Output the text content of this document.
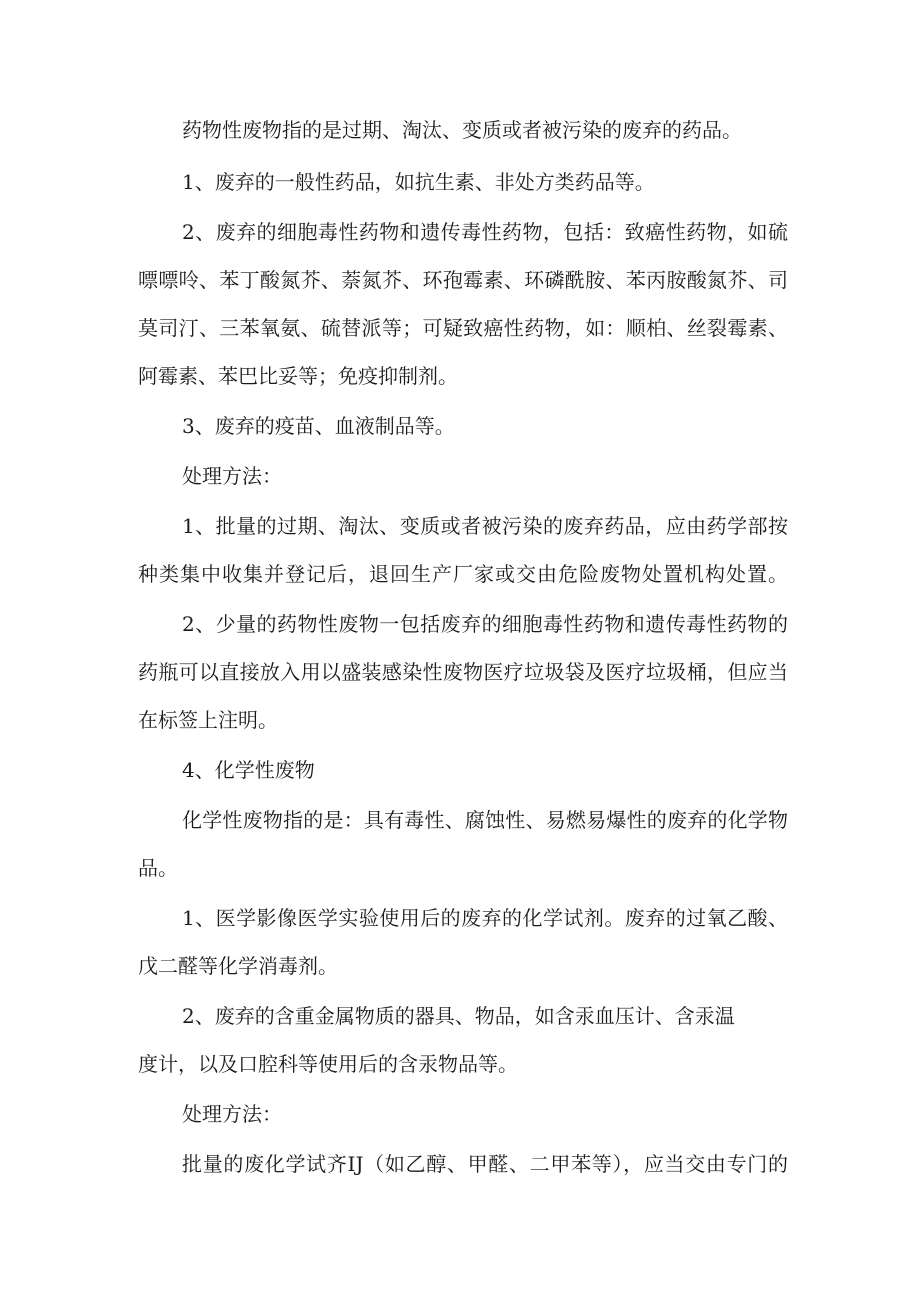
药物性废物指的是过期、淘汰、变质或者被污染的废弃的药品。
1、废弃的一般性药品，如抗生素、非处方类药品等。
2、废弃的细胞毒性药物和遗传毒性药物，包括：致癌性药物，如硫
嘌嘌呤、苯丁酸氮芥、萘氮芥、环孢霉素、环磷酰胺、苯丙胺酸氮芥、司
莫司汀、三苯氧氨、硫替派等；可疑致癌性药物，如：顺柏、丝裂霉素、
阿霉素、苯巴比妥等；免疫抑制剂。
3、废弃的疫苗、血液制品等。
处理方法：
1、批量的过期、淘汰、变质或者被污染的废弃药品，应由药学部按
种类集中收集并登记后，退回生产厂家或交由危险废物处置机构处置。
2、少量的药物性废物一包括废弃的细胞毒性药物和遗传毒性药物的
药瓶可以直接放入用以盛装感染性废物医疗垃圾袋及医疗垃圾桶，但应当
在标签上注明。
4、化学性废物
化学性废物指的是：具有毒性、腐蚀性、易燃易爆性的废弃的化学物
品。
1、医学影像医学实验使用后的废弃的化学试剂。废弃的过氧乙酸、
戊二醛等化学消毒剂。
2、废弃的含重金属物质的器具、物品，如含汞血压计、含汞温
度计，以及口腔科等使用后的含汞物品等。
处理方法：
批量的废化学试齐IJ（如乙醇、甲醛、二甲苯等），应当交由专门的
